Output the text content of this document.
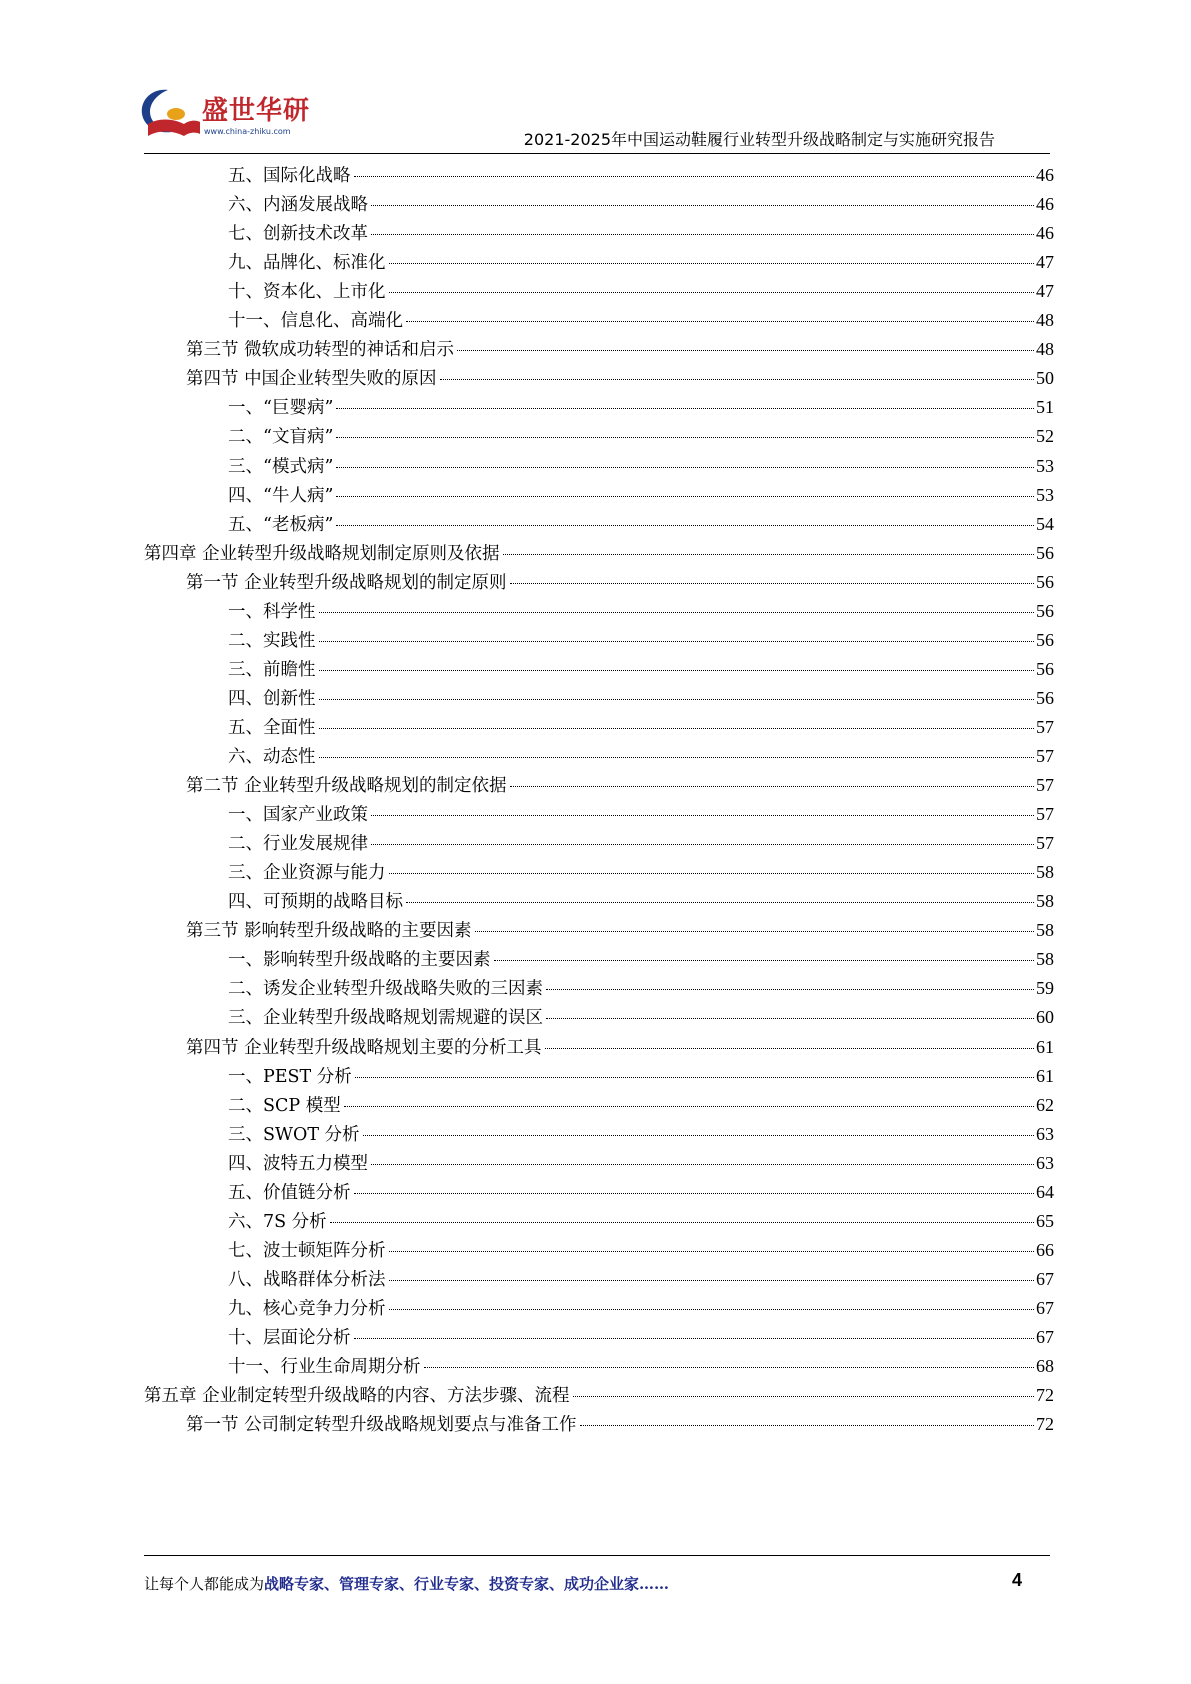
盛世华研
www.china-zhiku.com	2021-2025年中国运动鞋履行业转型升级战略制定与实施研究报告
五、国际化战略	46
六、内涵发展战略	46
七、创新技术改革	46
九、品牌化、标准化	47
十、资本化、上市化	47
十一、信息化、高端化	48
第三节 微软成功转型的神话和启示	48
第四节 中国企业转型失败的原因	50
一、“巨婴病”	51
二、“文盲病”	52
三、“模式病”	53
四、“牛人病”	53
五、“老板病”	54
第四章 企业转型升级战略规划制定原则及依据	56
第一节 企业转型升级战略规划的制定原则	56
一、科学性	56
二、实践性	56
三、前瞻性	56
四、创新性	56
五、全面性	57
六、动态性	57
第二节 企业转型升级战略规划的制定依据	57
一、国家产业政策	57
二、行业发展规律	57
三、企业资源与能力	58
四、可预期的战略目标	58
第三节 影响转型升级战略的主要因素	58
一、影响转型升级战略的主要因素	58
二、诱发企业转型升级战略失败的三因素	59
三、企业转型升级战略规划需规避的误区	60
第四节 企业转型升级战略规划主要的分析工具	61
一、PEST 分析	61
二、SCP 模型	62
三、SWOT 分析	63
四、波特五力模型	63
五、价值链分析	64
六、7S 分析	65
七、波士顿矩阵分析	66
八、战略群体分析法	67
九、核心竞争力分析	67
十、层面论分析	67
十一、行业生命周期分析	68
第五章 企业制定转型升级战略的内容、方法步骤、流程	72
第一节 公司制定转型升级战略规划要点与准备工作	72
让每个人都能成为战略专家、管理专家、行业专家、投资专家、成功企业家……	4
